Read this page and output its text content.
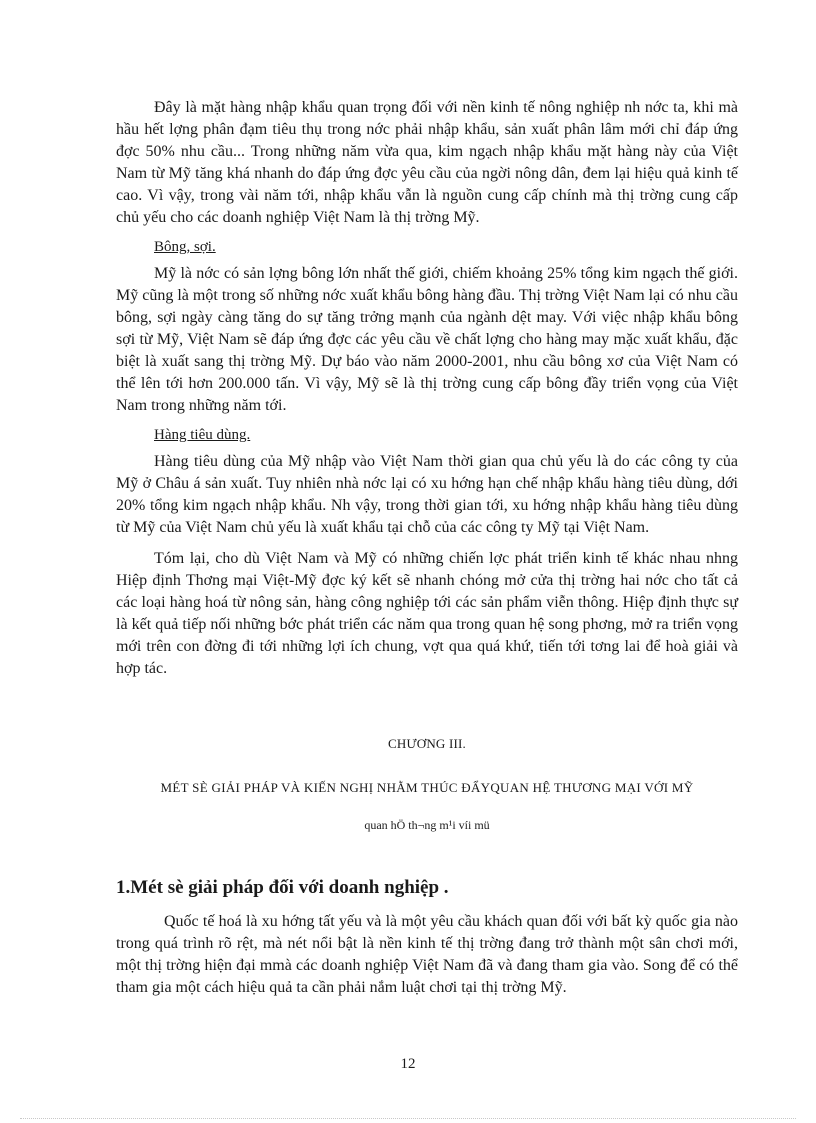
Đây là mặt hàng nhập khẩu quan trọng đối với nền kinh tế nông nghiệp nh nớc ta, khi mà hầu hết lợng phân đạm tiêu thụ trong nớc phải nhập khẩu, sản xuất phân lâm mới chỉ đáp ứng đợc 50% nhu cầu... Trong những năm vừa qua, kim ngạch nhập khẩu mặt hàng này của Việt Nam từ Mỹ tăng khá nhanh do đáp ứng đợc yêu cầu của ngời nông dân, đem lại hiệu quả kinh tế cao. Vì vậy, trong vài năm tới, nhập khẩu vẫn là nguồn cung cấp chính mà thị trờng cung cấp chủ yếu cho các doanh nghiệp Việt Nam là thị trờng Mỹ.

Bông, sợi.

Mỹ là nớc có sản lợng bông lớn nhất thế giới, chiếm khoảng 25% tổng kim ngạch thế giới. Mỹ cũng là một trong số những nớc xuất khẩu bông hàng đầu. Thị trờng Việt Nam lại có nhu cầu bông, sợi ngày càng tăng do sự tăng trởng mạnh của ngành dệt may. Với việc nhập khẩu bông sợi từ Mỹ, Việt Nam sẽ đáp ứng đợc các yêu cầu về chất lợng cho hàng may mặc xuất khẩu, đặc biệt là xuất sang thị trờng Mỹ. Dự báo vào năm 2000-2001, nhu cầu bông xơ của Việt Nam có thể lên tới hơn 200.000 tấn. Vì vậy, Mỹ sẽ là thị trờng cung cấp bông đầy triển vọng của Việt Nam trong những năm tới.

Hàng tiêu dùng.

Hàng tiêu dùng của Mỹ nhập vào Việt Nam thời gian qua chủ yếu là do các công ty của Mỹ ở Châu á sản xuất. Tuy nhiên nhà nớc lại có xu hớng hạn chế nhập khẩu hàng tiêu dùng, dới 20% tổng kim ngạch nhập khẩu. Nh vậy, trong thời gian tới, xu hớng nhập khẩu hàng tiêu dùng từ Mỹ của Việt Nam chủ yếu là xuất khẩu tại chỗ của các công ty Mỹ tại Việt Nam.

Tóm lại, cho dù Việt Nam và Mỹ có những chiến lợc phát triển kinh tế khác nhau nhng Hiệp định Thơng mại Việt-Mỹ đợc ký kết sẽ nhanh chóng mở cửa thị trờng hai nớc cho tất cả các loại hàng hoá từ nông sản, hàng công nghiệp tới các sản phẩm viễn thông. Hiệp định thực sự là kết quả tiếp nối những bớc phát triển các năm qua trong quan hệ song phơng, mở ra triển vọng mới trên con đờng đi tới những lợi ích chung, vợt qua quá khứ, tiến tới tơng lai để hoà giải và hợp tác.

CHƯƠNG III.
MÉT SÈ GIẢI PHÁP VÀ KIẾN NGHỊ NHẰM THÚC ĐẨYQUAN HỆ THƯƠNG MẠI VỚI MỸ
quan hÖ th¬ng m¹i víi mü
1.Mét sè giải pháp đối với doanh nghiệp .

Quốc tế hoá là xu hớng tất yếu và là một yêu cầu khách quan đối với bất kỳ quốc gia nào trong quá trình rõ rệt, mà nét nổi bật là nền kinh tế thị trờng đang trở thành một sân chơi mới, một thị trờng hiện đại mmà các doanh nghiệp Việt Nam đã và đang tham gia vào. Song để có thể tham gia một cách hiệu quả ta cần phải nắm luật chơi tại thị trờng Mỹ.

12
